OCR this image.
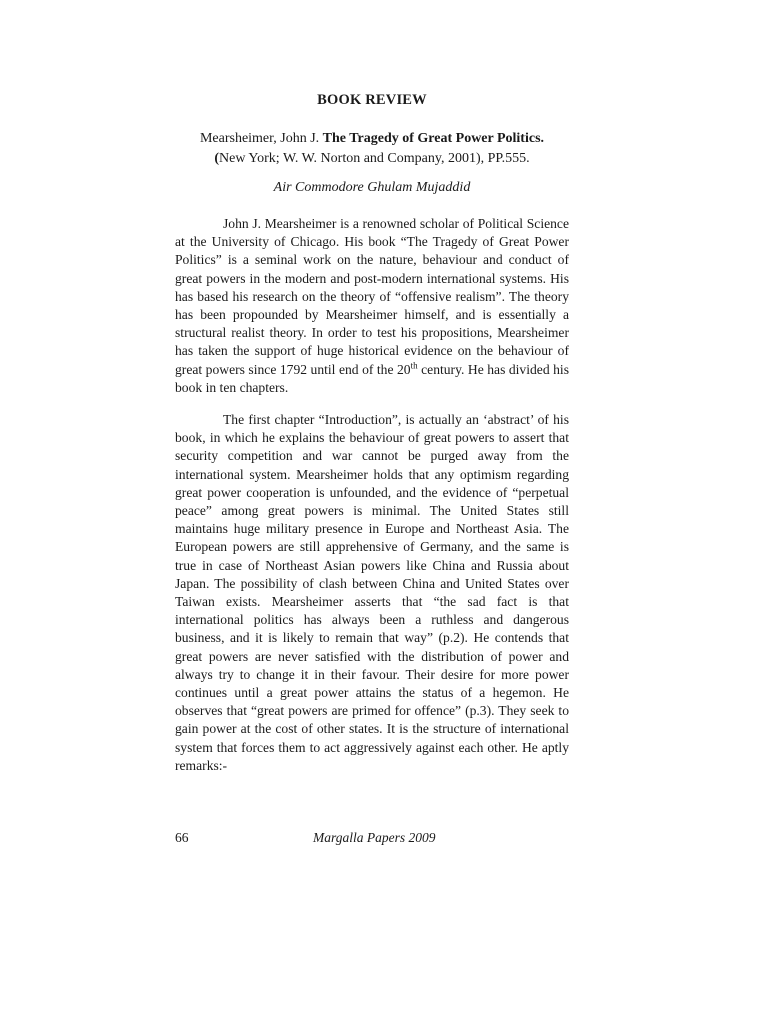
BOOK REVIEW
Mearsheimer, John J. The Tragedy of Great Power Politics.
(New York; W. W. Norton and Company, 2001), PP.555.
Air Commodore Ghulam Mujaddid

John J. Mearsheimer is a renowned scholar of Political Science at the University of Chicago. His book “The Tragedy of Great Power Politics” is a seminal work on the nature, behaviour and conduct of great powers in the modern and post-modern international systems. His has based his research on the theory of “offensive realism”. The theory has been propounded by Mearsheimer himself, and is essentially a structural realist theory. In order to test his propositions, Mearsheimer has taken the support of huge historical evidence on the behaviour of great powers since 1792 until end of the 20th century. He has divided his book in ten chapters.

The first chapter “Introduction”, is actually an ‘abstract’ of his book, in which he explains the behaviour of great powers to assert that security competition and war cannot be purged away from the international system. Mearsheimer holds that any optimism regarding great power cooperation is unfounded, and the evidence of “perpetual peace” among great powers is minimal. The United States still maintains huge military presence in Europe and Northeast Asia. The European powers are still apprehensive of Germany, and the same is true in case of Northeast Asian powers like China and Russia about Japan. The possibility of clash between China and United States over Taiwan exists. Mearsheimer asserts that “the sad fact is that international politics has always been a ruthless and dangerous business, and it is likely to remain that way” (p.2). He contends that great powers are never satisfied with the distribution of power and always try to change it in their favour. Their desire for more power continues until a great power attains the status of a hegemon. He observes that “great powers are primed for offence” (p.3). They seek to gain power at the cost of other states. It is the structure of international system that forces them to act aggressively against each other. He aptly remarks:-

66	Margalla Papers 2009
